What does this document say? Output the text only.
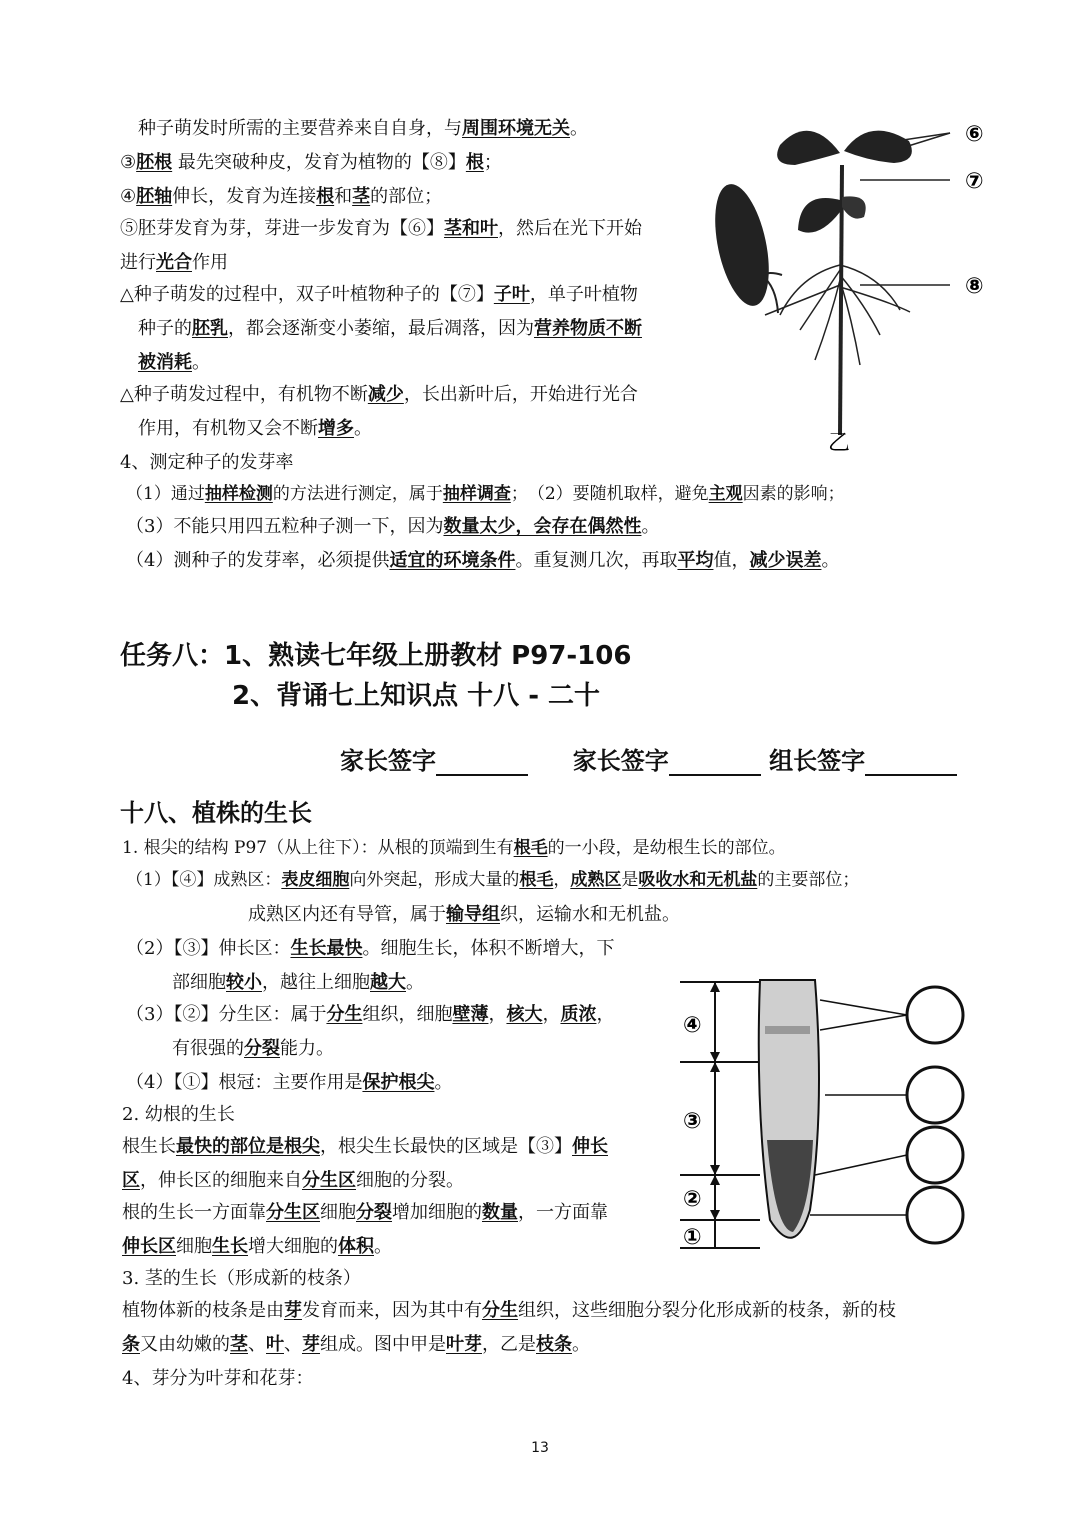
种子萌发时所需的主要营养来自自身，与周围环境无关。
③胚根 最先突破种皮，发育为植物的【⑧】根；
④胚轴伸长，发育为连接根和茎的部位；
⑤胚芽发育为芽，芽进一步发育为【⑥】茎和叶，然后在光下开始
进行光合作用
△种子萌发的过程中，双子叶植物种子的【⑦】子叶，单子叶植物
种子的胚乳，都会逐渐变小萎缩，最后凋落，因为营养物质不断
被消耗。
△种子萌发过程中，有机物不断减少，长出新叶后，开始进行光合
作用，有机物又会不断增多。
4、测定种子的发芽率
（1）通过抽样检测的方法进行测定，属于抽样调查；　（2）要随机取样，避免主观因素的影响；
（3）不能只用四五粒种子测一下，因为数量太少，会存在偶然性。
（4）测种子的发芽率，必须提供适宜的环境条件。重复测几次，再取平均值，减少误差。
⑥
⑦
⑧
乙
任务八：1、熟读七年级上册教材 P97-106
2、背诵七上知识点 十八 - 二十
家长签字	家长签字	组长签字
十八、植株的生长
1. 根尖的结构 P97（从上往下）：从根的顶端到生有根毛的一小段，是幼根生长的部位。
（1）【④】成熟区：表皮细胞向外突起，形成大量的根毛，成熟区是吸收水和无机盐的主要部位；
成熟区内还有导管，属于输导组织，运输水和无机盐。
（2）【③】伸长区：生长最快。细胞生长，体积不断增大，下
部细胞较小，越往上细胞越大。
（3）【②】分生区：属于分生组织，细胞壁薄，核大，质浓，
有很强的分裂能力。
（4）【①】根冠：主要作用是保护根尖。
2. 幼根的生长
根生长最快的部位是根尖，根尖生长最快的区域是【③】伸长
区，伸长区的细胞来自分生区细胞的分裂。
根的生长一方面靠分生区细胞分裂增加细胞的数量，一方面靠
伸长区细胞生长增大细胞的体积。
3. 茎的生长（形成新的枝条）
植物体新的枝条是由芽发育而来，因为其中有分生组织，这些细胞分裂分化形成新的枝条，新的枝
条又由幼嫩的茎、叶、芽组成。图中甲是叶芽，乙是枝条。
4、芽分为叶芽和花芽：
④
③
②
①
13
